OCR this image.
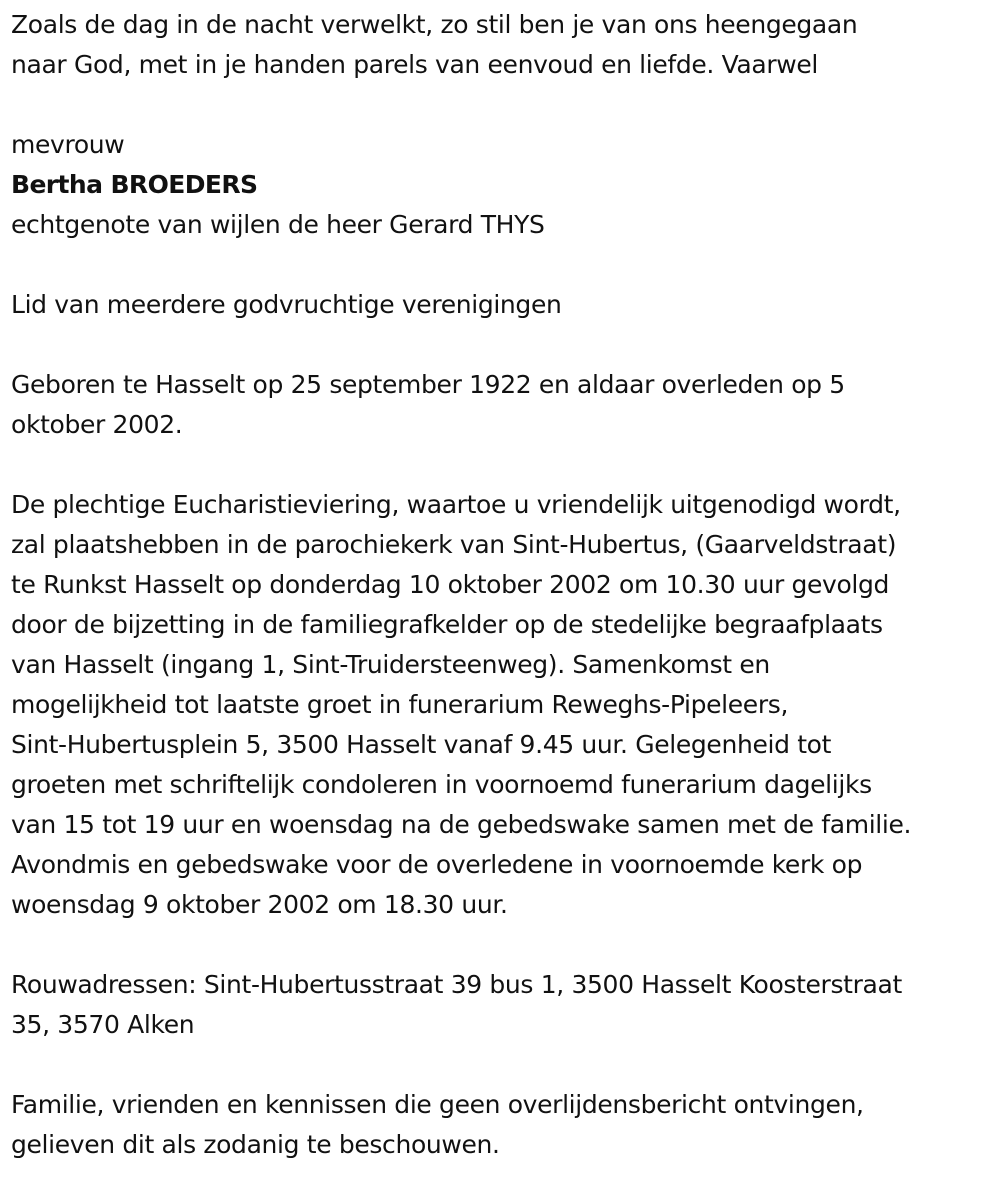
Zoals de dag in de nacht verwelkt, zo stil ben je van ons heengegaan
naar God, met in je handen parels van eenvoud en liefde. Vaarwel
mevrouw
Bertha BROEDERS
echtgenote van wijlen de heer Gerard THYS
Lid van meerdere godvruchtige verenigingen
Geboren te Hasselt op 25 september 1922 en aldaar overleden op 5
oktober 2002.
De plechtige Eucharistieviering, waartoe u vriendelijk uitgenodigd wordt,
zal plaatshebben in de parochiekerk van Sint-Hubertus, (Gaarveldstraat)
te Runkst Hasselt op donderdag 10 oktober 2002 om 10.30 uur gevolgd
door de bijzetting in de familiegrafkelder op de stedelijke begraafplaats
van Hasselt (ingang 1, Sint-Truidersteenweg). Samenkomst en
mogelijkheid tot laatste groet in funerarium Reweghs-Pipeleers,
Sint-Hubertusplein 5, 3500 Hasselt vanaf 9.45 uur. Gelegenheid tot
groeten met schriftelijk condoleren in voornoemd funerarium dagelijks
van 15 tot 19 uur en woensdag na de gebedswake samen met de familie.
Avondmis en gebedswake voor de overledene in voornoemde kerk op
woensdag 9 oktober 2002 om 18.30 uur.
Rouwadressen: Sint-Hubertusstraat 39 bus 1, 3500 Hasselt Koosterstraat
35, 3570 Alken
Familie, vrienden en kennissen die geen overlijdensbericht ontvingen,
gelieven dit als zodanig te beschouwen.
